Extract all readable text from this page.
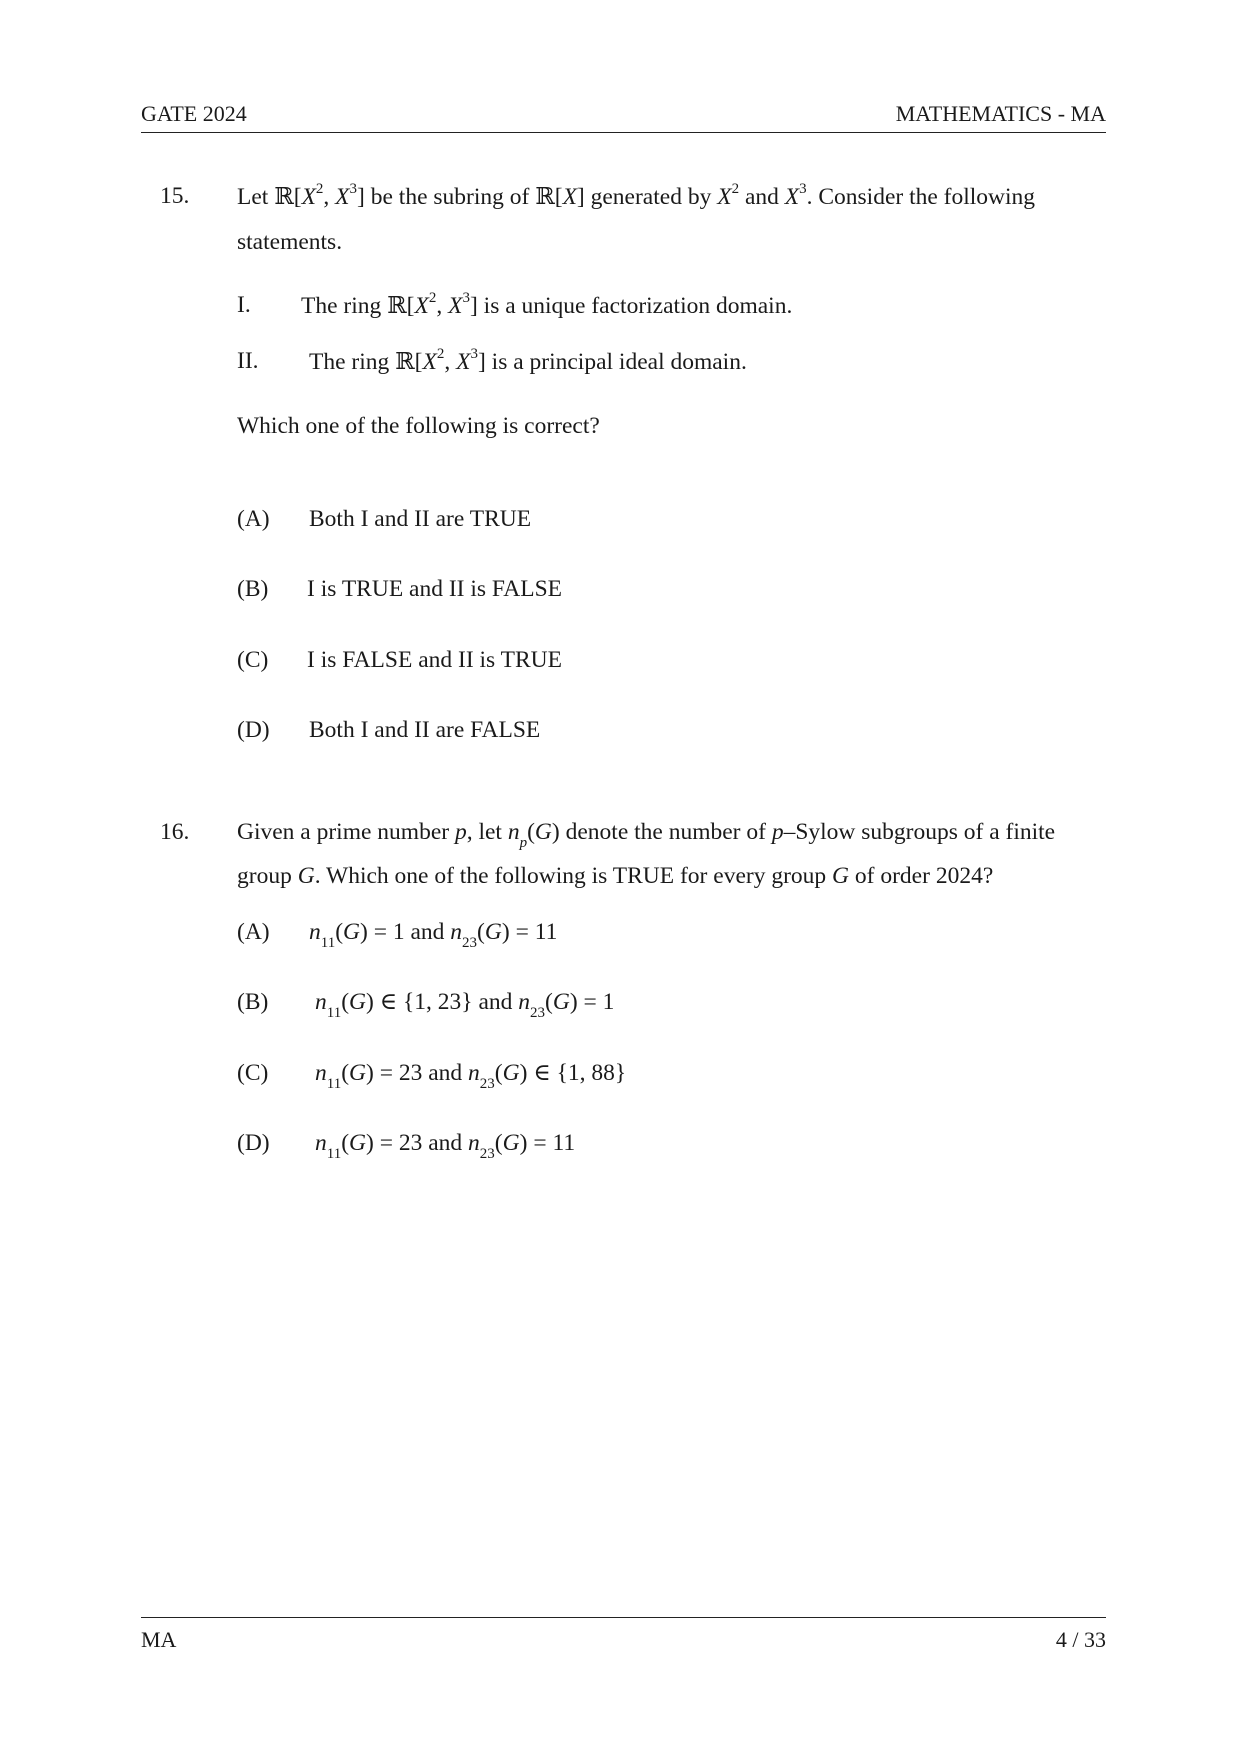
GATE 2024	MATHEMATICS - MA
15. Let $ℝ[X^2$, $X^3$] be the subring of ℝ[X] generated by $X^2$ and $X^3$. Consider the following
statements.
I. The ring $ℝ[X^2$, $X^3$] is a unique factorization domain.
II. The ring $ℝ[X^2$, $X^3$] is a principal ideal domain.
Which one of the following is correct?
(A) Both I and II are TRUE
(B) I is TRUE and II is FALSE
(C) I is FALSE and II is TRUE
(D) Both I and II are FALSE
16. Given a prime number p, let $n_p(G)$ denote the number of p–Sylow subgroups of a finite
group G. Which one of the following is TRUE for every group G of order 2024?
(A) $n_{11}(G) = 1$ and $n_{23}(G) = 11$
(B) $n_{11}(G)$ ∈ {1, 23} and $n_{23}(G) = 1$
(C) $n_{11}(G) = 23$ and $n_{23}(G)$ ∈ {1, 88}
(D) $n_{11}(G) = 23$ and $n_{23}(G) = 11$
MA	4 / 33
